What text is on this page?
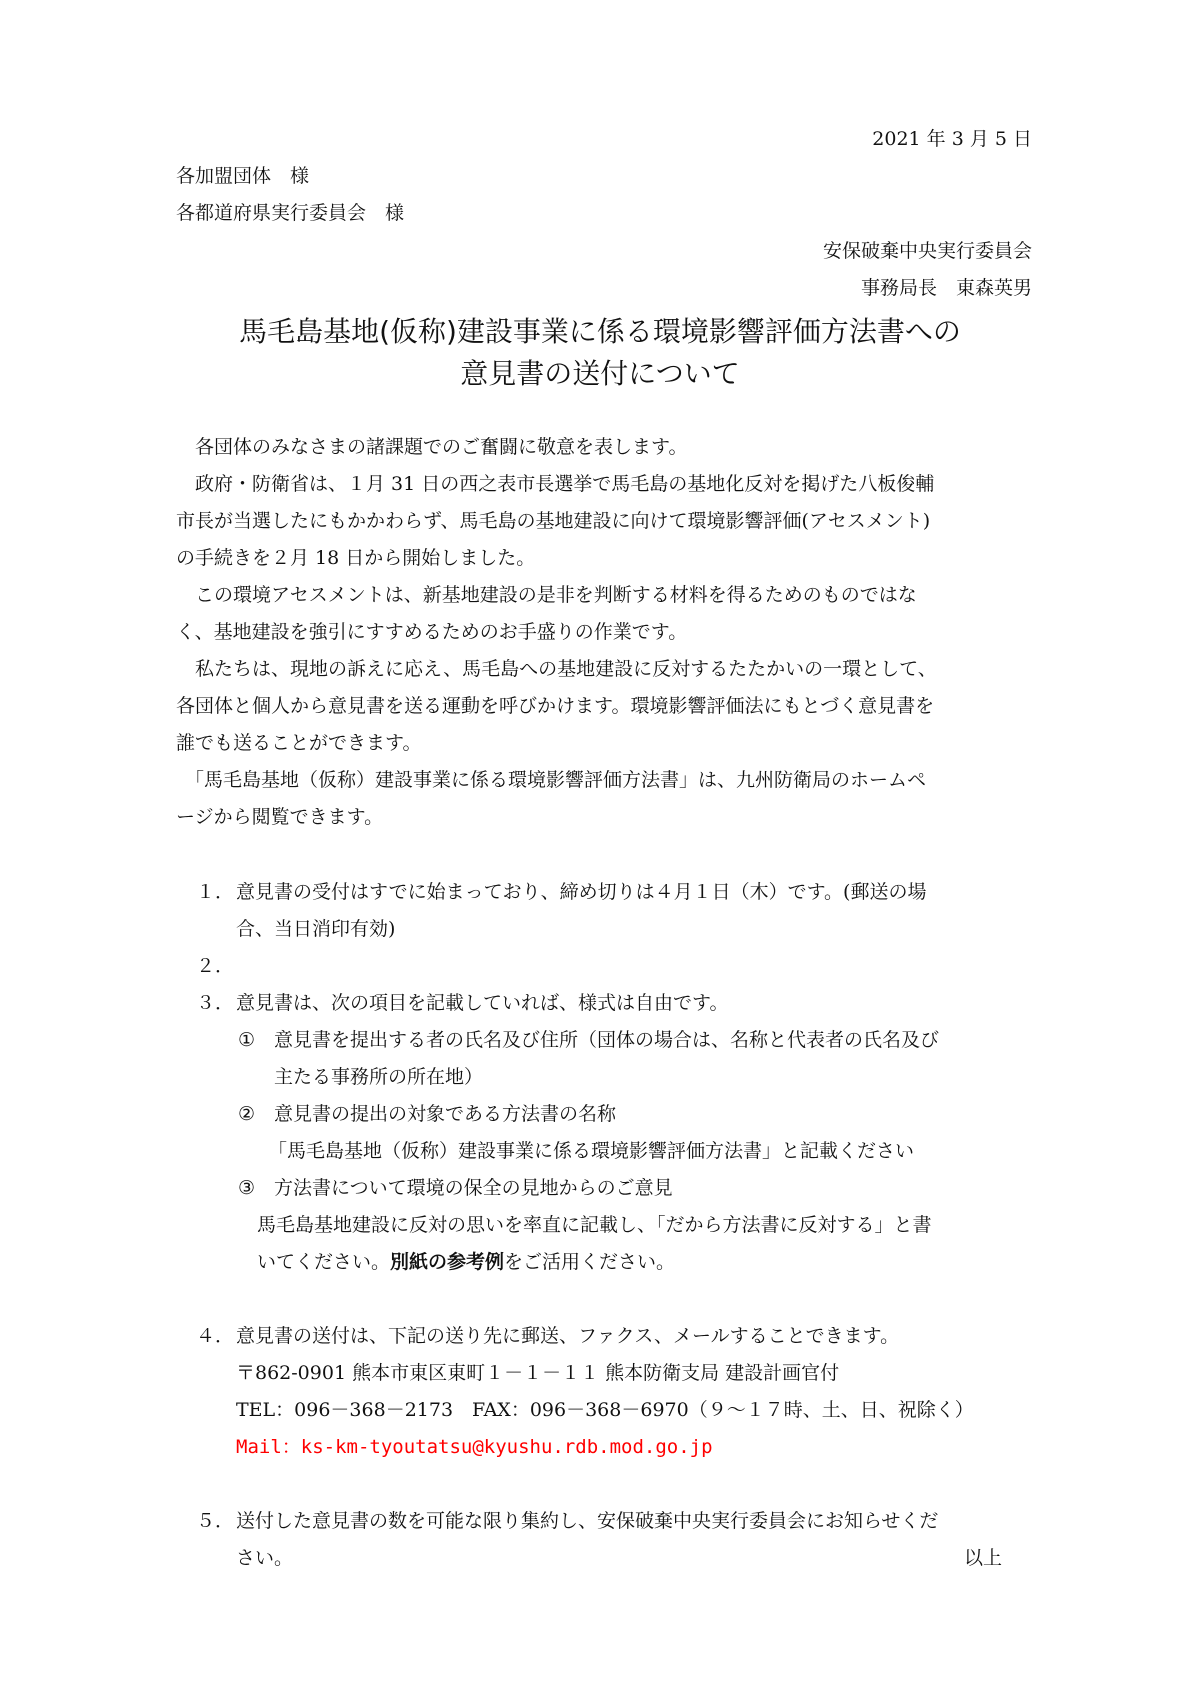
2021 年 3 月 5 日
各加盟団体　様
各都道府県実行委員会　様
安保破棄中央実行委員会
事務局長　東森英男
馬毛島基地(仮称)建設事業に係る環境影響評価方法書への
意見書の送付について
各団体のみなさまの諸課題でのご奮闘に敬意を表します。
政府・防衛省は、１月 31 日の西之表市長選挙で馬毛島の基地化反対を掲げた八板俊輔
市長が当選したにもかかわらず、馬毛島の基地建設に向けて環境影響評価(アセスメント)
の手続きを２月 18 日から開始しました。
この環境アセスメントは、新基地建設の是非を判断する材料を得るためのものではな
く、基地建設を強引にすすめるためのお手盛りの作業です。
私たちは、現地の訴えに応え、馬毛島への基地建設に反対するたたかいの一環として、
各団体と個人から意見書を送る運動を呼びかけます。環境影響評価法にもとづく意見書を
誰でも送ることができます。
「馬毛島基地（仮称）建設事業に係る環境影響評価方法書」は、九州防衛局のホームペ
ージから閲覧できます。
１． 意見書の受付はすでに始まっており、締め切りは４月１日（木）です。(郵送の場
合、当日消印有効)
２．
３． 意見書は、次の項目を記載していれば、様式は自由です。
① 意見書を提出する者の氏名及び住所（団体の場合は、名称と代表者の氏名及び
主たる事務所の所在地）
② 意見書の提出の対象である方法書の名称
「馬毛島基地（仮称）建設事業に係る環境影響評価方法書」と記載ください
③ 方法書について環境の保全の見地からのご意見
馬毛島基地建設に反対の思いを率直に記載し、「だから方法書に反対する」と書
いてください。別紙の参考例をご活用ください。
４． 意見書の送付は、下記の送り先に郵送、ファクス、メールすることできます。
〒862-0901 熊本市東区東町１－１－１１ 熊本防衛支局 建設計画官付
TEL：096－368－2173　FAX：096－368－6970（９～１７時、土、日、祝除く）
Mail：ks-km-tyoutatsu@kyushu.rdb.mod.go.jp
５． 送付した意見書の数を可能な限り集約し、安保破棄中央実行委員会にお知らせくだ
さい。	以上
